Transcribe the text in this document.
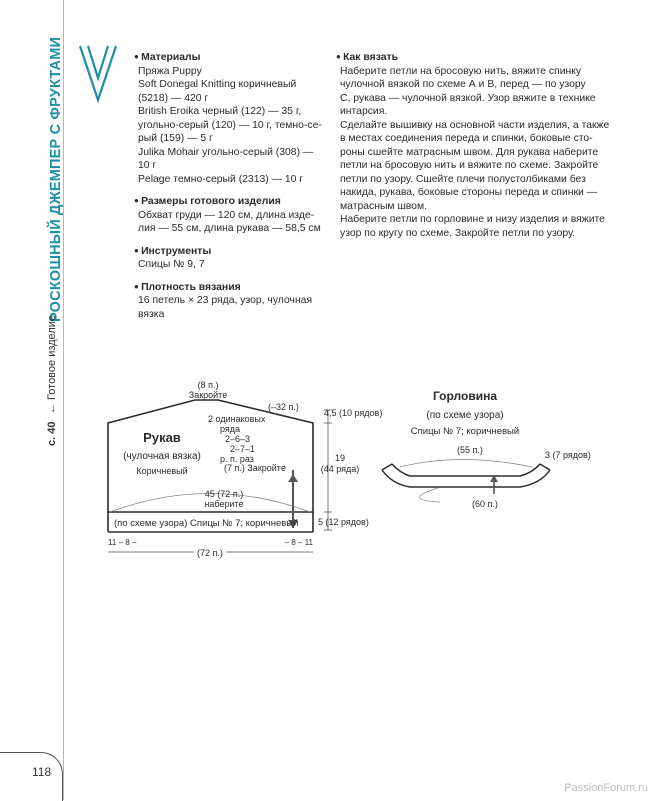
РОСКОШНЫЙ ДЖЕМПЕР С ФРУКТАМИ
← Готовое изделие
с. 40
● Материалы
Пряжа Puppy
Soft Donegal Knitting коричневый
(5218) — 420 г
British Eroika черный (122) — 35 г,
угольно-серый (120) — 10 г, темно-се-
рый (159) — 5 г
Julika Mohair угольно-серый (308) —
10 г
Pelage темно-серый (2313) — 10 г
● Размеры готового изделия
Обхват груди — 120 см, длина изде-
лия — 55 см, длина рукава — 58,5 см
● Инструменты
Спицы № 9, 7
● Плотность вязания
16 петель × 23 ряда, узор, чулочная
вязка
● Как вязать
Наберите петли на бросовую нить, вяжите спинку
чулочной вязкой по схеме А и В, перед — по узору
С, рукава — чулочной вязкой. Узор вяжите в технике
интарсия.
Сделайте вышивку на основной части изделия, а также
в местах соединения переда и спинки, боковые сто-
роны сшейте матрасным швом. Для рукава наберите
петли на бросовую нить и вяжите по схеме. Закройте
петли по узору. Сшейте плечи полустолбиками без
накида, рукава, боковые стороны переда и спинки —
матрасным швом.
Наберите петли по горловине и низу изделия и вяжите
узор по кругу по схеме. Закройте петли по узору.
(8 п.)
Закройте
(–32 п.)
2 одинаковых
ряда
2–6–3
2–7–1
р. п. раз
(7 п.) Закройте
Рукав
(чулочная вязка)
Коричневый
45 (72 п.)
наберите
(по схеме узора) Спицы № 7; коричневый
4,5 (10 рядов)
19
(44 ряда)
5 (12 рядов)
11 – 8 –	– 8 – 11
(72 п.)
Горловина
(по схеме узора)
Спицы № 7; коричневый
(55 п.)	3 (7 рядов)
(60 п.)
118
PassionForum.ru
